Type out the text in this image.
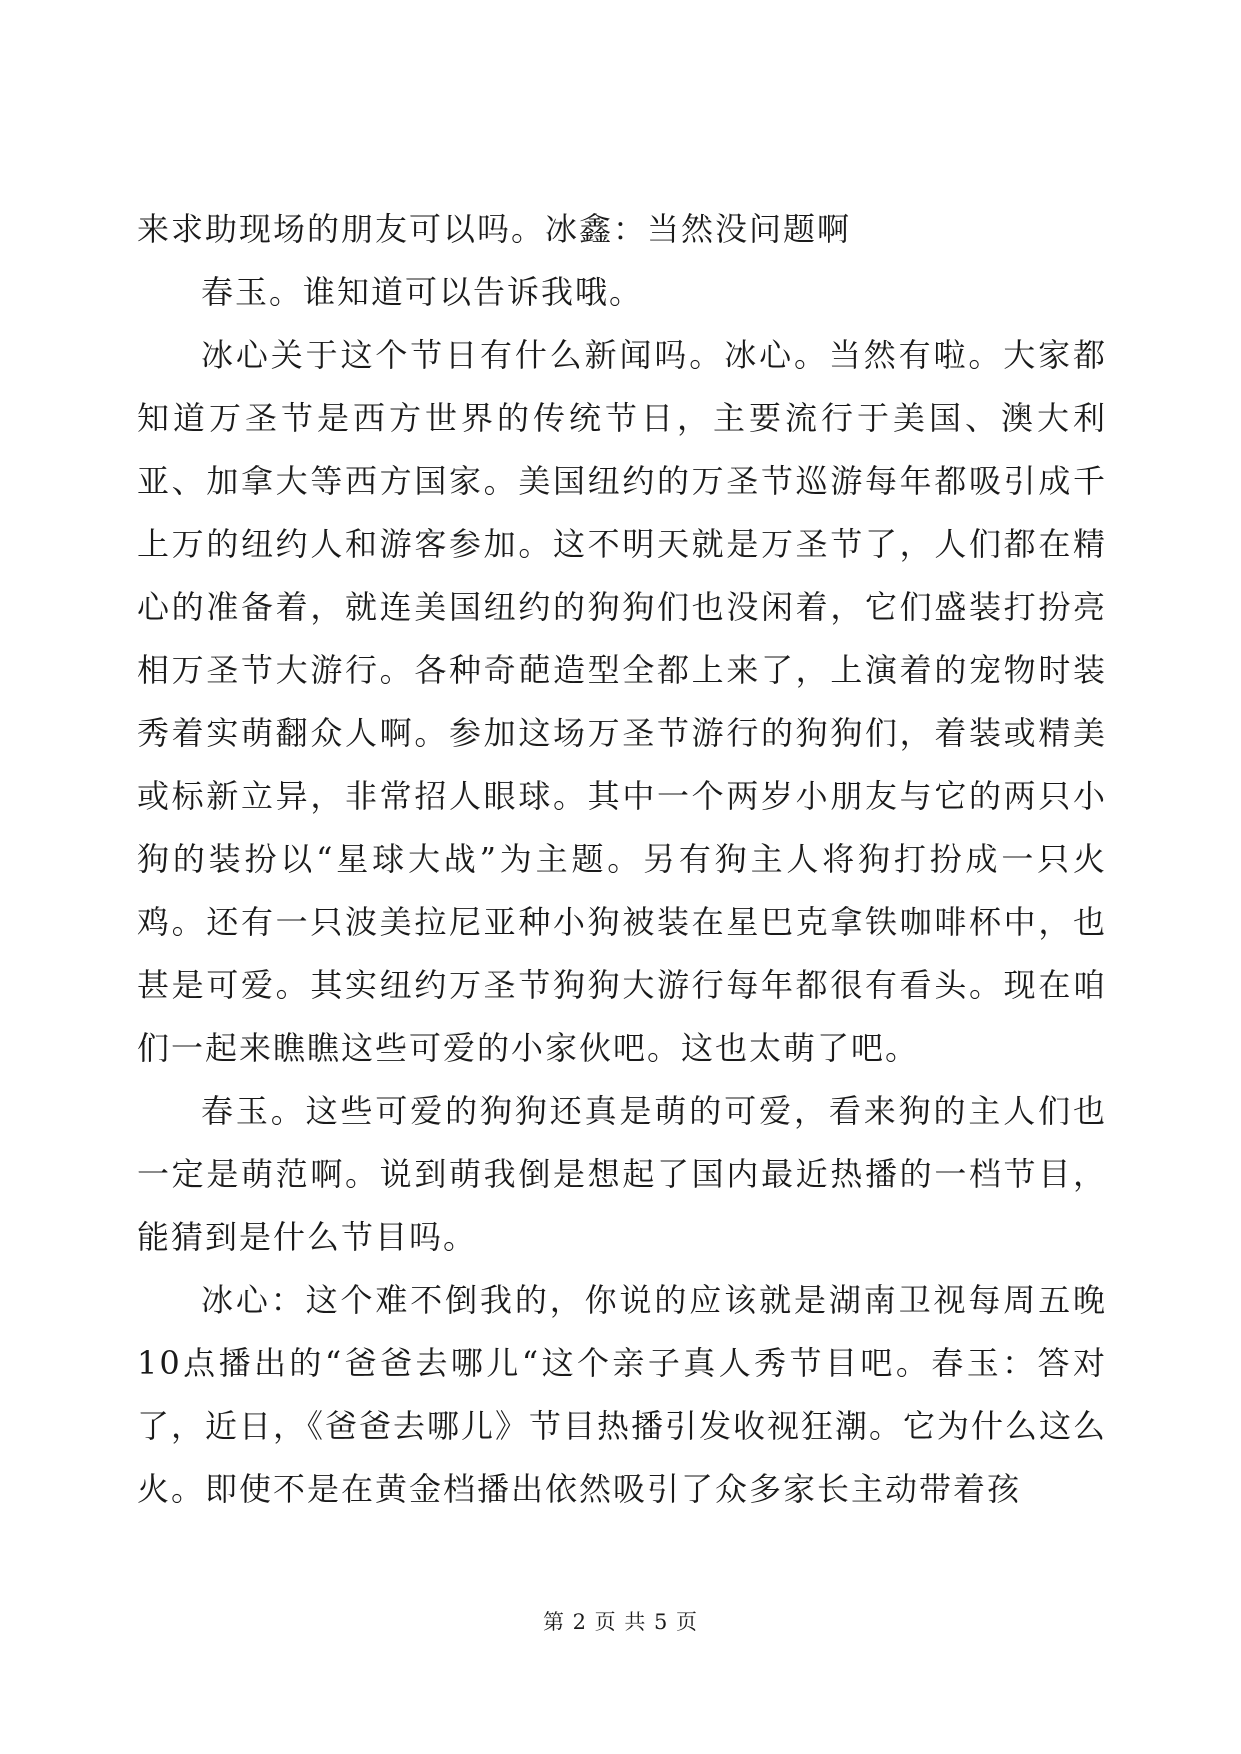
来求助现场的朋友可以吗。冰鑫：当然没问题啊

春玉。谁知道可以告诉我哦。

冰心关于这个节日有什么新闻吗。冰心。当然有啦。大家都知道万圣节是西方世界的传统节日，主要流行于美国、澳大利亚、加拿大等西方国家。美国纽约的万圣节巡游每年都吸引成千上万的纽约人和游客参加。这不明天就是万圣节了，人们都在精心的准备着，就连美国纽约的狗狗们也没闲着，它们盛装打扮亮相万圣节大游行。各种奇葩造型全都上来了，上演着的宠物时装秀着实萌翻众人啊。参加这场万圣节游行的狗狗们，着装或精美或标新立异，非常招人眼球。其中一个两岁小朋友与它的两只小狗的装扮以“星球大战”为主题。另有狗主人将狗打扮成一只火鸡。还有一只波美拉尼亚种小狗被装在星巴克拿铁咖啡杯中，也甚是可爱。其实纽约万圣节狗狗大游行每年都很有看头。现在咱们一起来瞧瞧这些可爱的小家伙吧。这也太萌了吧。

春玉。这些可爱的狗狗还真是萌的可爱，看来狗的主人们也一定是萌范啊。说到萌我倒是想起了国内最近热播的一档节目，能猜到是什么节目吗。

冰心：这个难不倒我的，你说的应该就是湖南卫视每周五晚10点播出的“爸爸去哪儿“这个亲子真人秀节目吧。春玉：答对了，近日，《爸爸去哪儿》节目热播引发收视狂潮。它为什么这么火。即使不是在黄金档播出依然吸引了众多家长主动带着孩

第 2 页 共 5 页
